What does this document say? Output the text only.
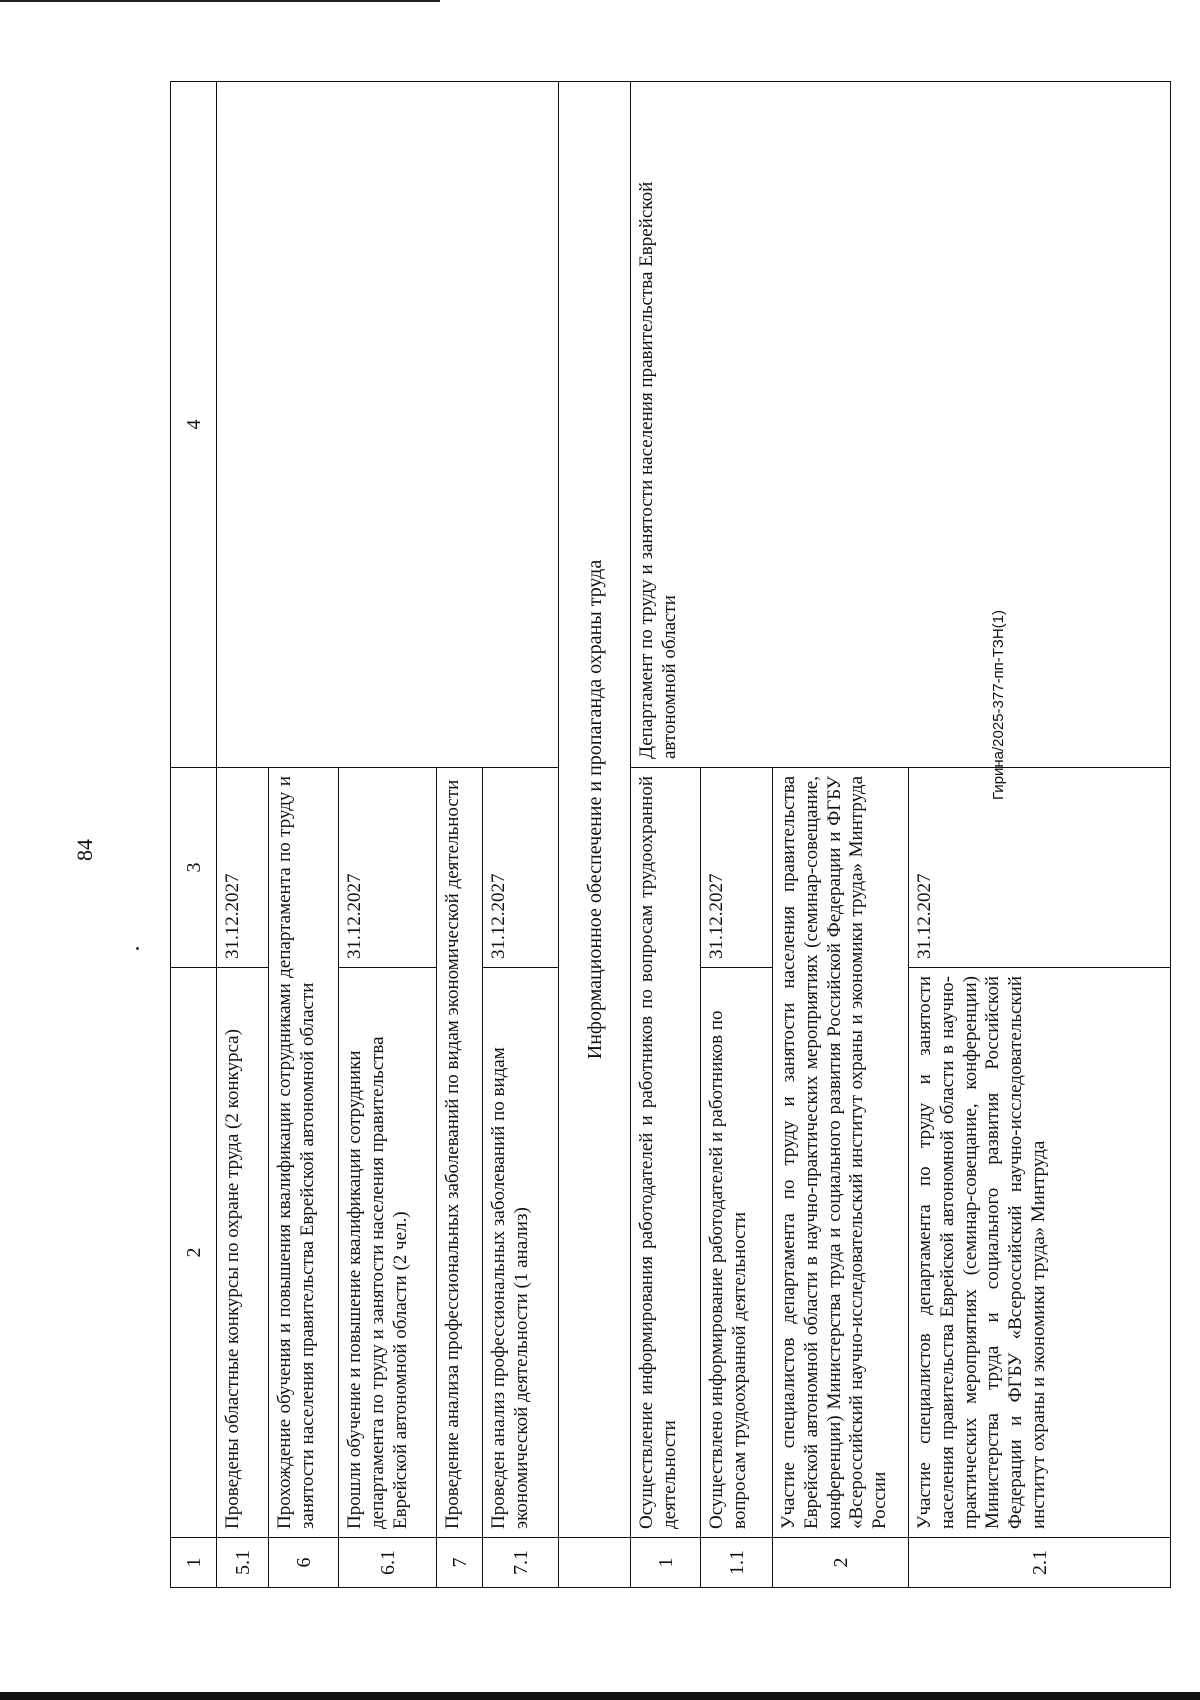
84
1	2	3	4
5.1	Проведены областные конкурсы по охране труда (2 конкурса)	31.12.2027	
6	Прохождение обучения и повышения квалификации сотрудниками департамента по труду и занятости населения правительства Еврейской автономной области		
6.1	Прошли обучение и повышение квалификации сотрудники департамента по труду и занятости населения правительства Еврейской автономной области (2 чел.)	31.12.2027	
7	Проведение анализа профессиональных заболеваний по видам экономической деятельности		
7.1	Проведен анализ профессиональных заболеваний по видам экономической деятельности (1 анализ)	31.12.2027	
	Информационное обеспечение и пропаганда охраны труда		
1	Осуществление информирования работодателей и работников по вопросам трудоохранной деятельности		Департамент по труду и занятости населения правительства Еврейской автономной области
1.1	Осуществлено информирование работодателей и работников по вопросам трудоохранной деятельности	31.12.2027	
2	Участие специалистов департамента по труду и занятости населения правительства Еврейской автономной области в научно-практических мероприятиях (семинар-совещание, конференции) Министерства труда и социального развития Российской Федерации и ФГБУ «Всероссийский научно-исследовательский институт охраны и экономики труда» Минтруда России		
2.1	Участие специалистов департамента по труду и занятости населения правительства Еврейской автономной области в научно-практических мероприятиях (семинар-совещание, конференции) Министерства труда и социального развития Российской Федерации и ФГБУ «Всероссийский научно-исследовательский институт охраны и экономики труда» Минтруда	31.12.2027	
Гирина/2025-377-пп-ТЗН(1)
